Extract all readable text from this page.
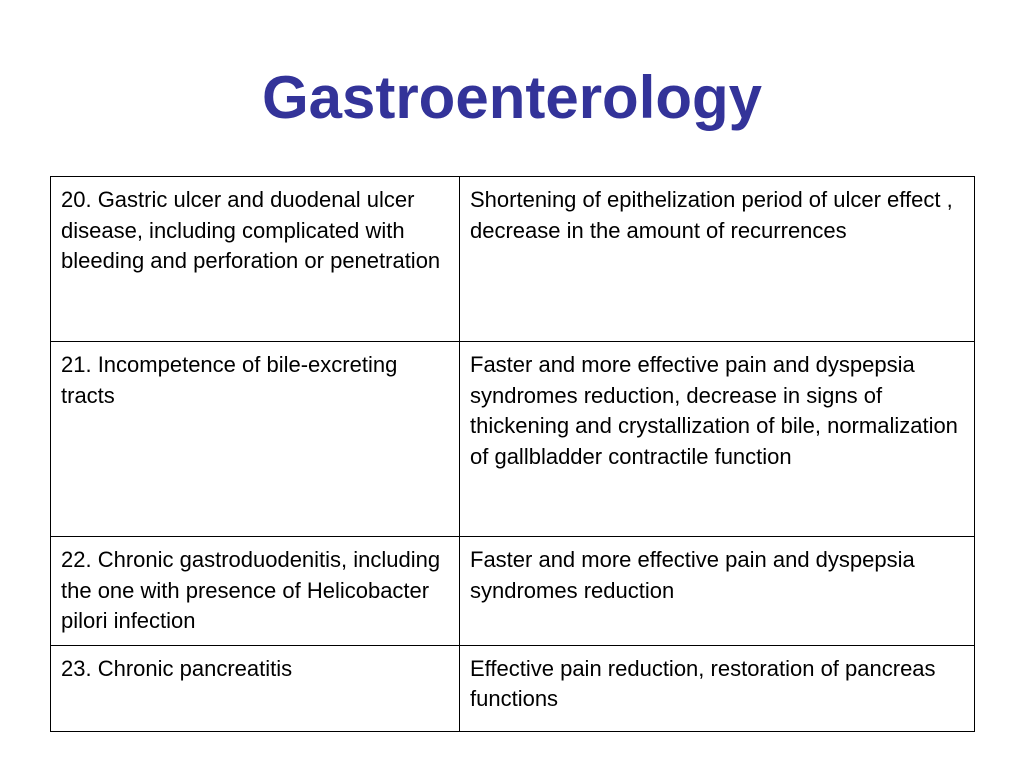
Gastroenterology
20. Gastric ulcer and duodenal ulcer disease, including complicated with bleeding and perforation or penetration	Shortening of epithelization period of ulcer effect , decrease in the amount of recurrences
21. Incompetence of bile-excreting tracts	Faster and more effective pain and dyspepsia syndromes reduction, decrease in signs of thickening and crystallization of bile, normalization of gallbladder contractile function
22. Chronic gastroduodenitis, including the one with presence of Helicobacter pilori infection	Faster and more effective pain and dyspepsia syndromes reduction
23. Chronic pancreatitis	Effective pain reduction, restoration of pancreas functions
